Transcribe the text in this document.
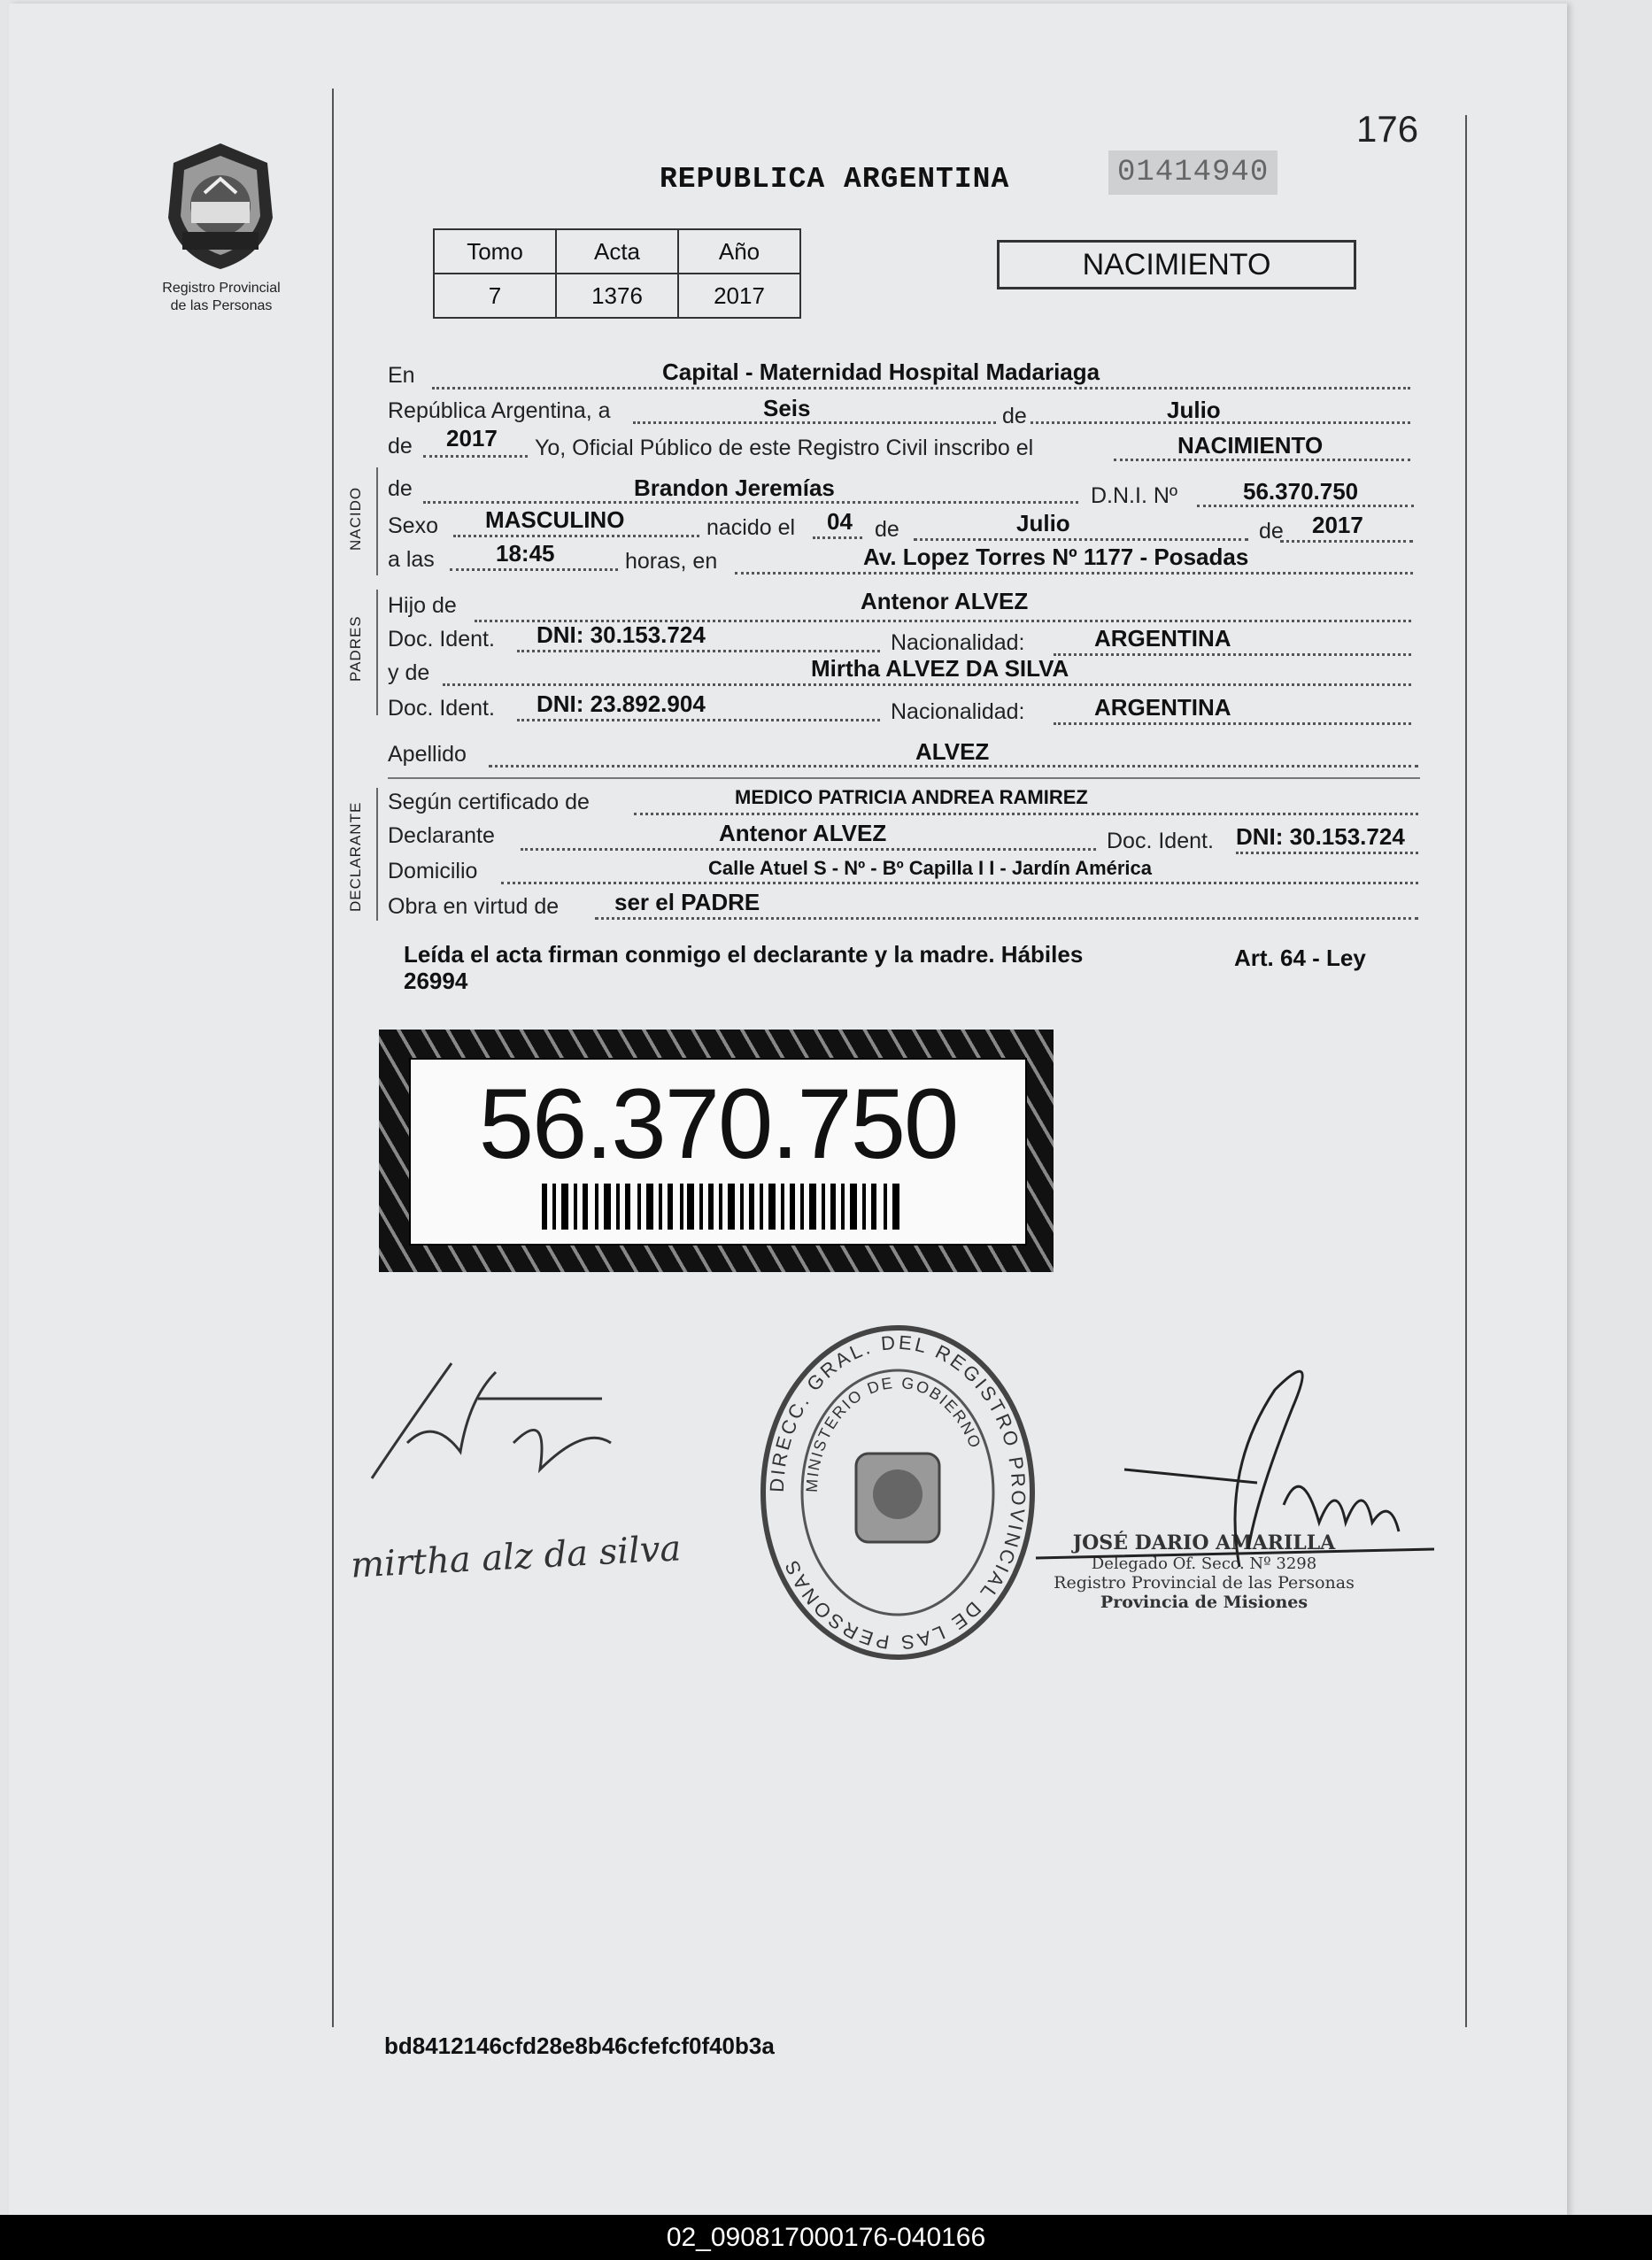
176
Registro Provincial
de las Personas
REPUBLICA ARGENTINA	01414940
Tomo	Acta	Año
7	1376	2017
NACIMIENTO
En	Capital - Maternidad Hospital Madariaga
República Argentina, a	Seis	de	Julio
de 2017 Yo, Oficial Público de este Registro Civil inscribo el	NACIMIENTO
NACIDO de	Brandon Jeremías	D.N.I. Nº	56.370.750
Sexo MASCULINO	nacido el 04 de	Julio	de 2017
a las	18:45	horas, en	Av. Lopez Torres Nº 1177 - Posadas
PADRES
Hijo de	Antenor ALVEZ
Doc. Ident. DNI: 30.153.724	Nacionalidad:	ARGENTINA
y de	Mirtha ALVEZ DA SILVA
Doc. Ident. DNI: 23.892.904	Nacionalidad:	ARGENTINA
Apellido	ALVEZ
DECLARANTE Según certificado de	MEDICO PATRICIA ANDREA RAMIREZ
Declarante	Antenor ALVEZ	Doc. Ident. DNI: 30.153.724
Domicilio	Calle Atuel S - Nº - Bº Capilla I I - Jardín América
Obra en virtud de ser el PADRE
Leída el acta firman conmigo el declarante y la madre. Hábiles	Art. 64 - Ley
26994
56.370.750
mirtha alz da silva
DIRECC. GRAL. DEL REGISTRO PROVINCIAL DE LAS PERSONAS
MINISTERIO DE GOBIERNO
JOSÉ DARIO AMARILLA
Delegado Of. Secc. Nº 3298
Registro Provincial de las Personas
Provincia de Misiones
bd8412146cfd28e8b46cfefcf0f40b3a
02_090817000176-040166
